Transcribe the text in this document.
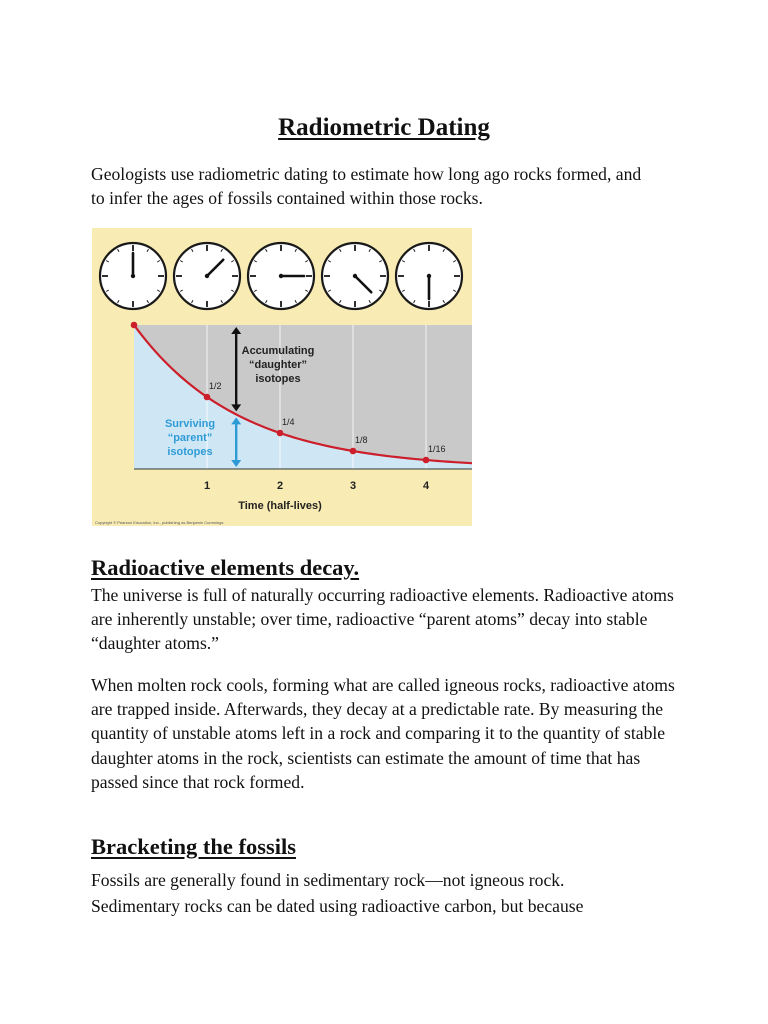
Radiometric Dating

Geologists use radiometric dating to estimate how long ago rocks formed, and to infer the ages of fossils contained within those rocks.

1/2
1/4
1/8
1/16
1	2	3	4
Accumulating
“daughter”
isotopes
Surviving
“parent”
isotopes
Time (half-lives)
Copyright © Pearson Education, Inc., publishing as Benjamin Cummings.
Radioactive elements decay.

The universe is full of naturally occurring radioactive elements. Radioactive atoms are inherently unstable; over time, radioactive “parent atoms” decay into stable “daughter atoms.”

When molten rock cools, forming what are called igneous rocks, radioactive atoms are trapped inside. Afterwards, they decay at a predictable rate. By measuring the quantity of unstable atoms left in a rock and comparing it to the quantity of stable daughter atoms in the rock, scientists can estimate the amount of time that has passed since that rock formed.

Bracketing the fossils

Fossils are generally found in sedimentary rock—not igneous rock.

Sedimentary rocks can be dated using radioactive carbon, but because
